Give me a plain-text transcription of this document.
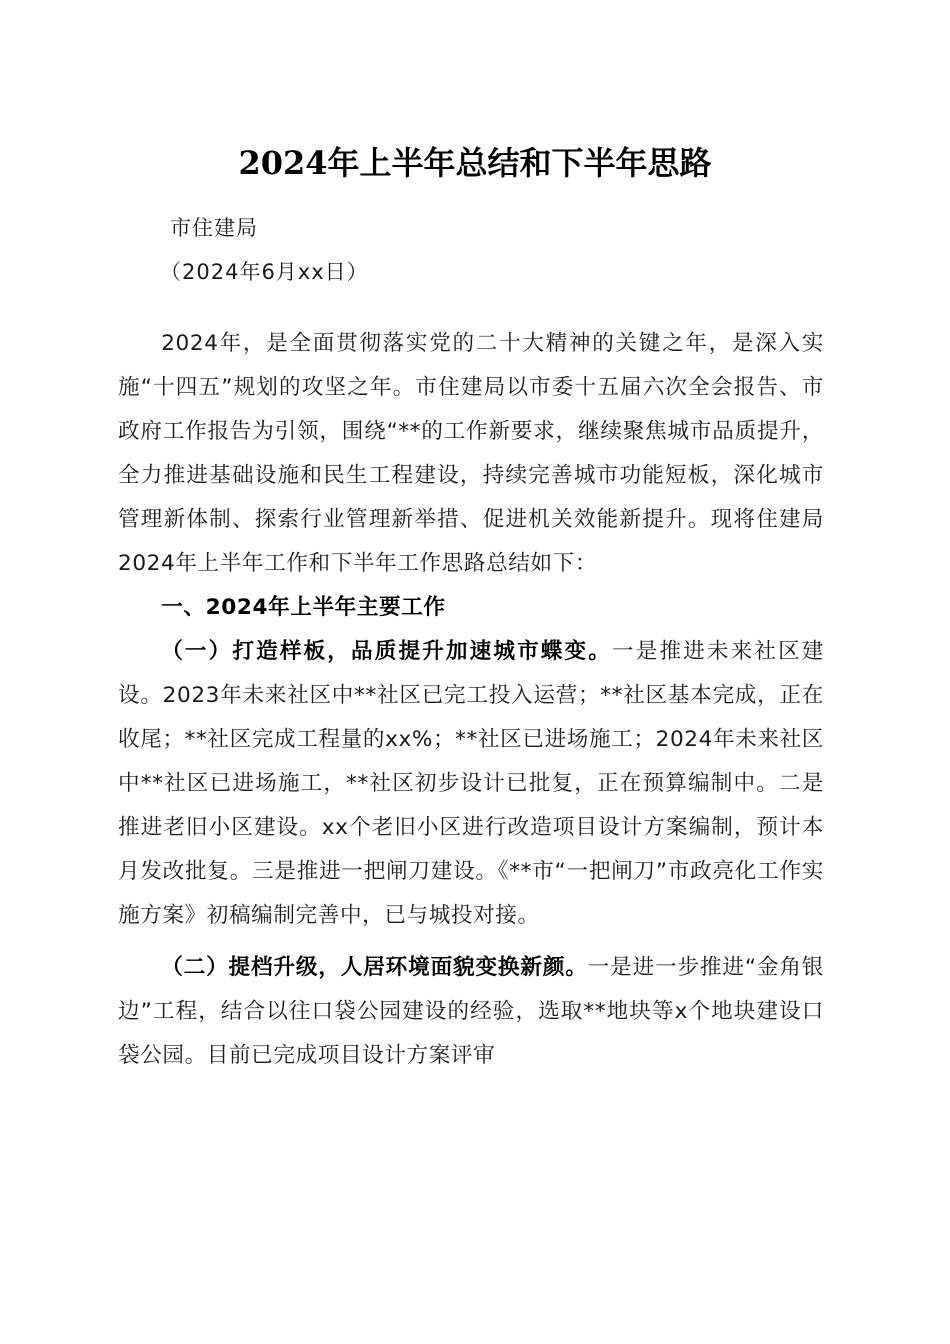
2024年上半年总结和下半年思路
市住建局
（2024年6月xx日）

2024年，是全面贯彻落实党的二十大精神的关键之年，是深入实施“十四五”规划的攻坚之年。市住建局以市委十五届六次全会报告、市政府工作报告为引领，围绕“**的工作新要求，继续聚焦城市品质提升，全力推进基础设施和民生工程建设，持续完善城市功能短板，深化城市管理新体制、探索行业管理新举措、促进机关效能新提升。现将住建局2024年上半年工作和下半年工作思路总结如下：

一、2024年上半年主要工作

（一）打造样板，品质提升加速城市蝶变。一是推进未来社区建设。2023年未来社区中**社区已完工投入运营；**社区基本完成，正在收尾；**社区完成工程量的xx%；**社区已进场施工；2024年未来社区中**社区已进场施工，**社区初步设计已批复，正在预算编制中。二是推进老旧小区建设。xx个老旧小区进行改造项目设计方案编制，预计本月发改批复。三是推进一把闸刀建设。《**市“一把闸刀”市政亮化工作实施方案》初稿编制完善中，已与城投对接。

（二）提档升级，人居环境面貌变换新颜。一是进一步推进“金角银边”工程，结合以往口袋公园建设的经验，选取**地块等x个地块建设口袋公园。目前已完成项目设计方案评审
